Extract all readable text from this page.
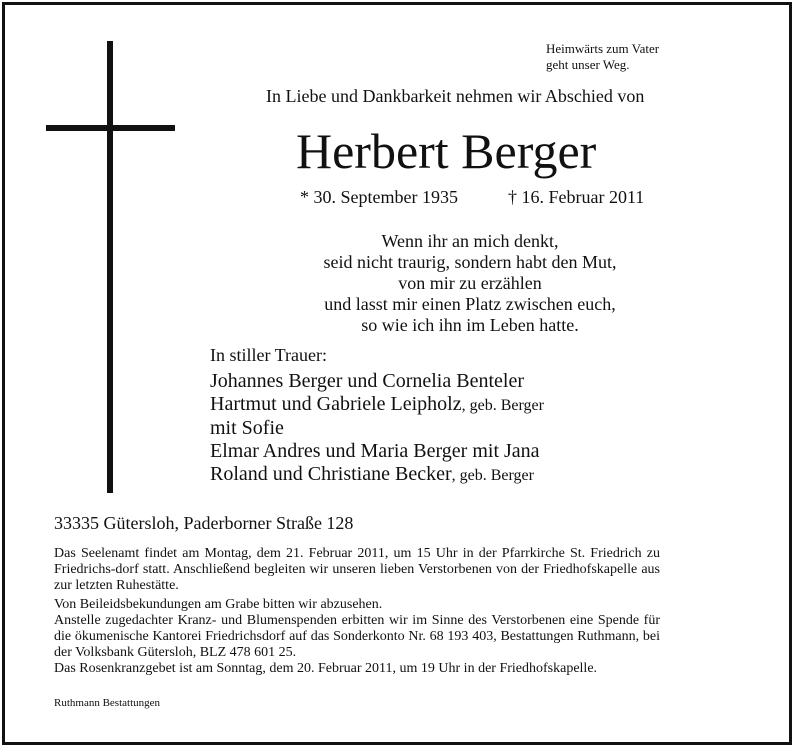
Heimwärts zum Vater
geht unser Weg.
In Liebe und Dankbarkeit nehmen wir Abschied von
Herbert Berger
* 30. September 1935	† 16. Februar 2011
Wenn ihr an mich denkt,
seid nicht traurig, sondern habt den Mut,
von mir zu erzählen
und lasst mir einen Platz zwischen euch,
so wie ich ihn im Leben hatte.
In stiller Trauer:
Johannes Berger und Cornelia Benteler
Hartmut und Gabriele Leipholz, geb. Berger
mit Sofie
Elmar Andres und Maria Berger mit Jana
Roland und Christiane Becker, geb. Berger
33335 Gütersloh, Paderborner Straße 128

Das Seelenamt findet am Montag, dem 21. Februar 2011, um 15 Uhr in der Pfarrkirche St. Friedrich zu Friedrichs-dorf statt. Anschließend begleiten wir unseren lieben Verstorbenen von der Friedhofskapelle aus zur letzten Ruhestätte.

Von Beileidsbekundungen am Grabe bitten wir abzusehen.

Anstelle zugedachter Kranz- und Blumenspenden erbitten wir im Sinne des Verstorbenen eine Spende für die ökumenische Kantorei Friedrichsdorf auf das Sonderkonto Nr. 68 193 403, Bestattungen Ruthmann, bei der Volksbank Gütersloh, BLZ 478 601 25.

Das Rosenkranzgebet ist am Sonntag, dem 20. Februar 2011, um 19 Uhr in der Friedhofskapelle.

Ruthmann Bestattungen
